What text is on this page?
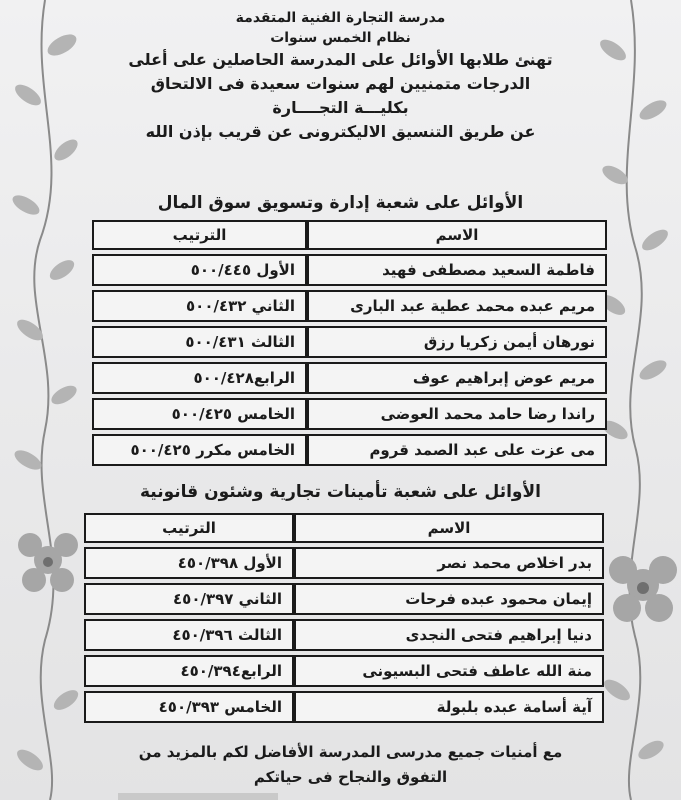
مدرسة التجارة الفنية المتقدمة
نظام الخمس سنوات
تهنئ طلابها الأوائل على المدرسة الحاصلين على أعلى
الدرجات متمنيين لهم سنوات سعيدة فى الالتحاق
بكليـــة التجــــارة
عن طريق التنسيق الاليكترونى عن قريب بإذن الله
الأوائل على شعبة إدارة وتسويق سوق المال
الاسم	الترتيب
فاطمة السعيد مصطفى فهيد	الأول ٥٠٠/٤٤٥
مريم عبده محمد عطية عبد البارى	الثاني ٥٠٠/٤٣٢
نورهان أيمن زكريا رزق	الثالث ٥٠٠/٤٣١
مريم عوض إبراهيم عوف	الرابع٥٠٠/٤٢٨
راندا رضا حامد محمد العوضى	الخامس ٥٠٠/٤٢٥
مى عزت على عبد الصمد قروم	الخامس مكرر ٥٠٠/٤٢٥
الأوائل على شعبة تأمينات تجارية وشئون قانونية
الاسم	الترتيب
بدر اخلاص محمد نصر	الأول ٤٥٠/٣٩٨
إيمان محمود عبده فرحات	الثاني ٤٥٠/٣٩٧
دنيا إبراهيم فتحى النجدى	الثالث ٤٥٠/٣٩٦
منة الله عاطف فتحى البسيونى	الرابع٤٥٠/٣٩٤
آية أسامة عبده بلبولة	الخامس ٤٥٠/٣٩٣
مع أمنيات جميع مدرسى المدرسة الأفاضل لكم بالمزيد من
التفوق والنجاح فى حياتكم
